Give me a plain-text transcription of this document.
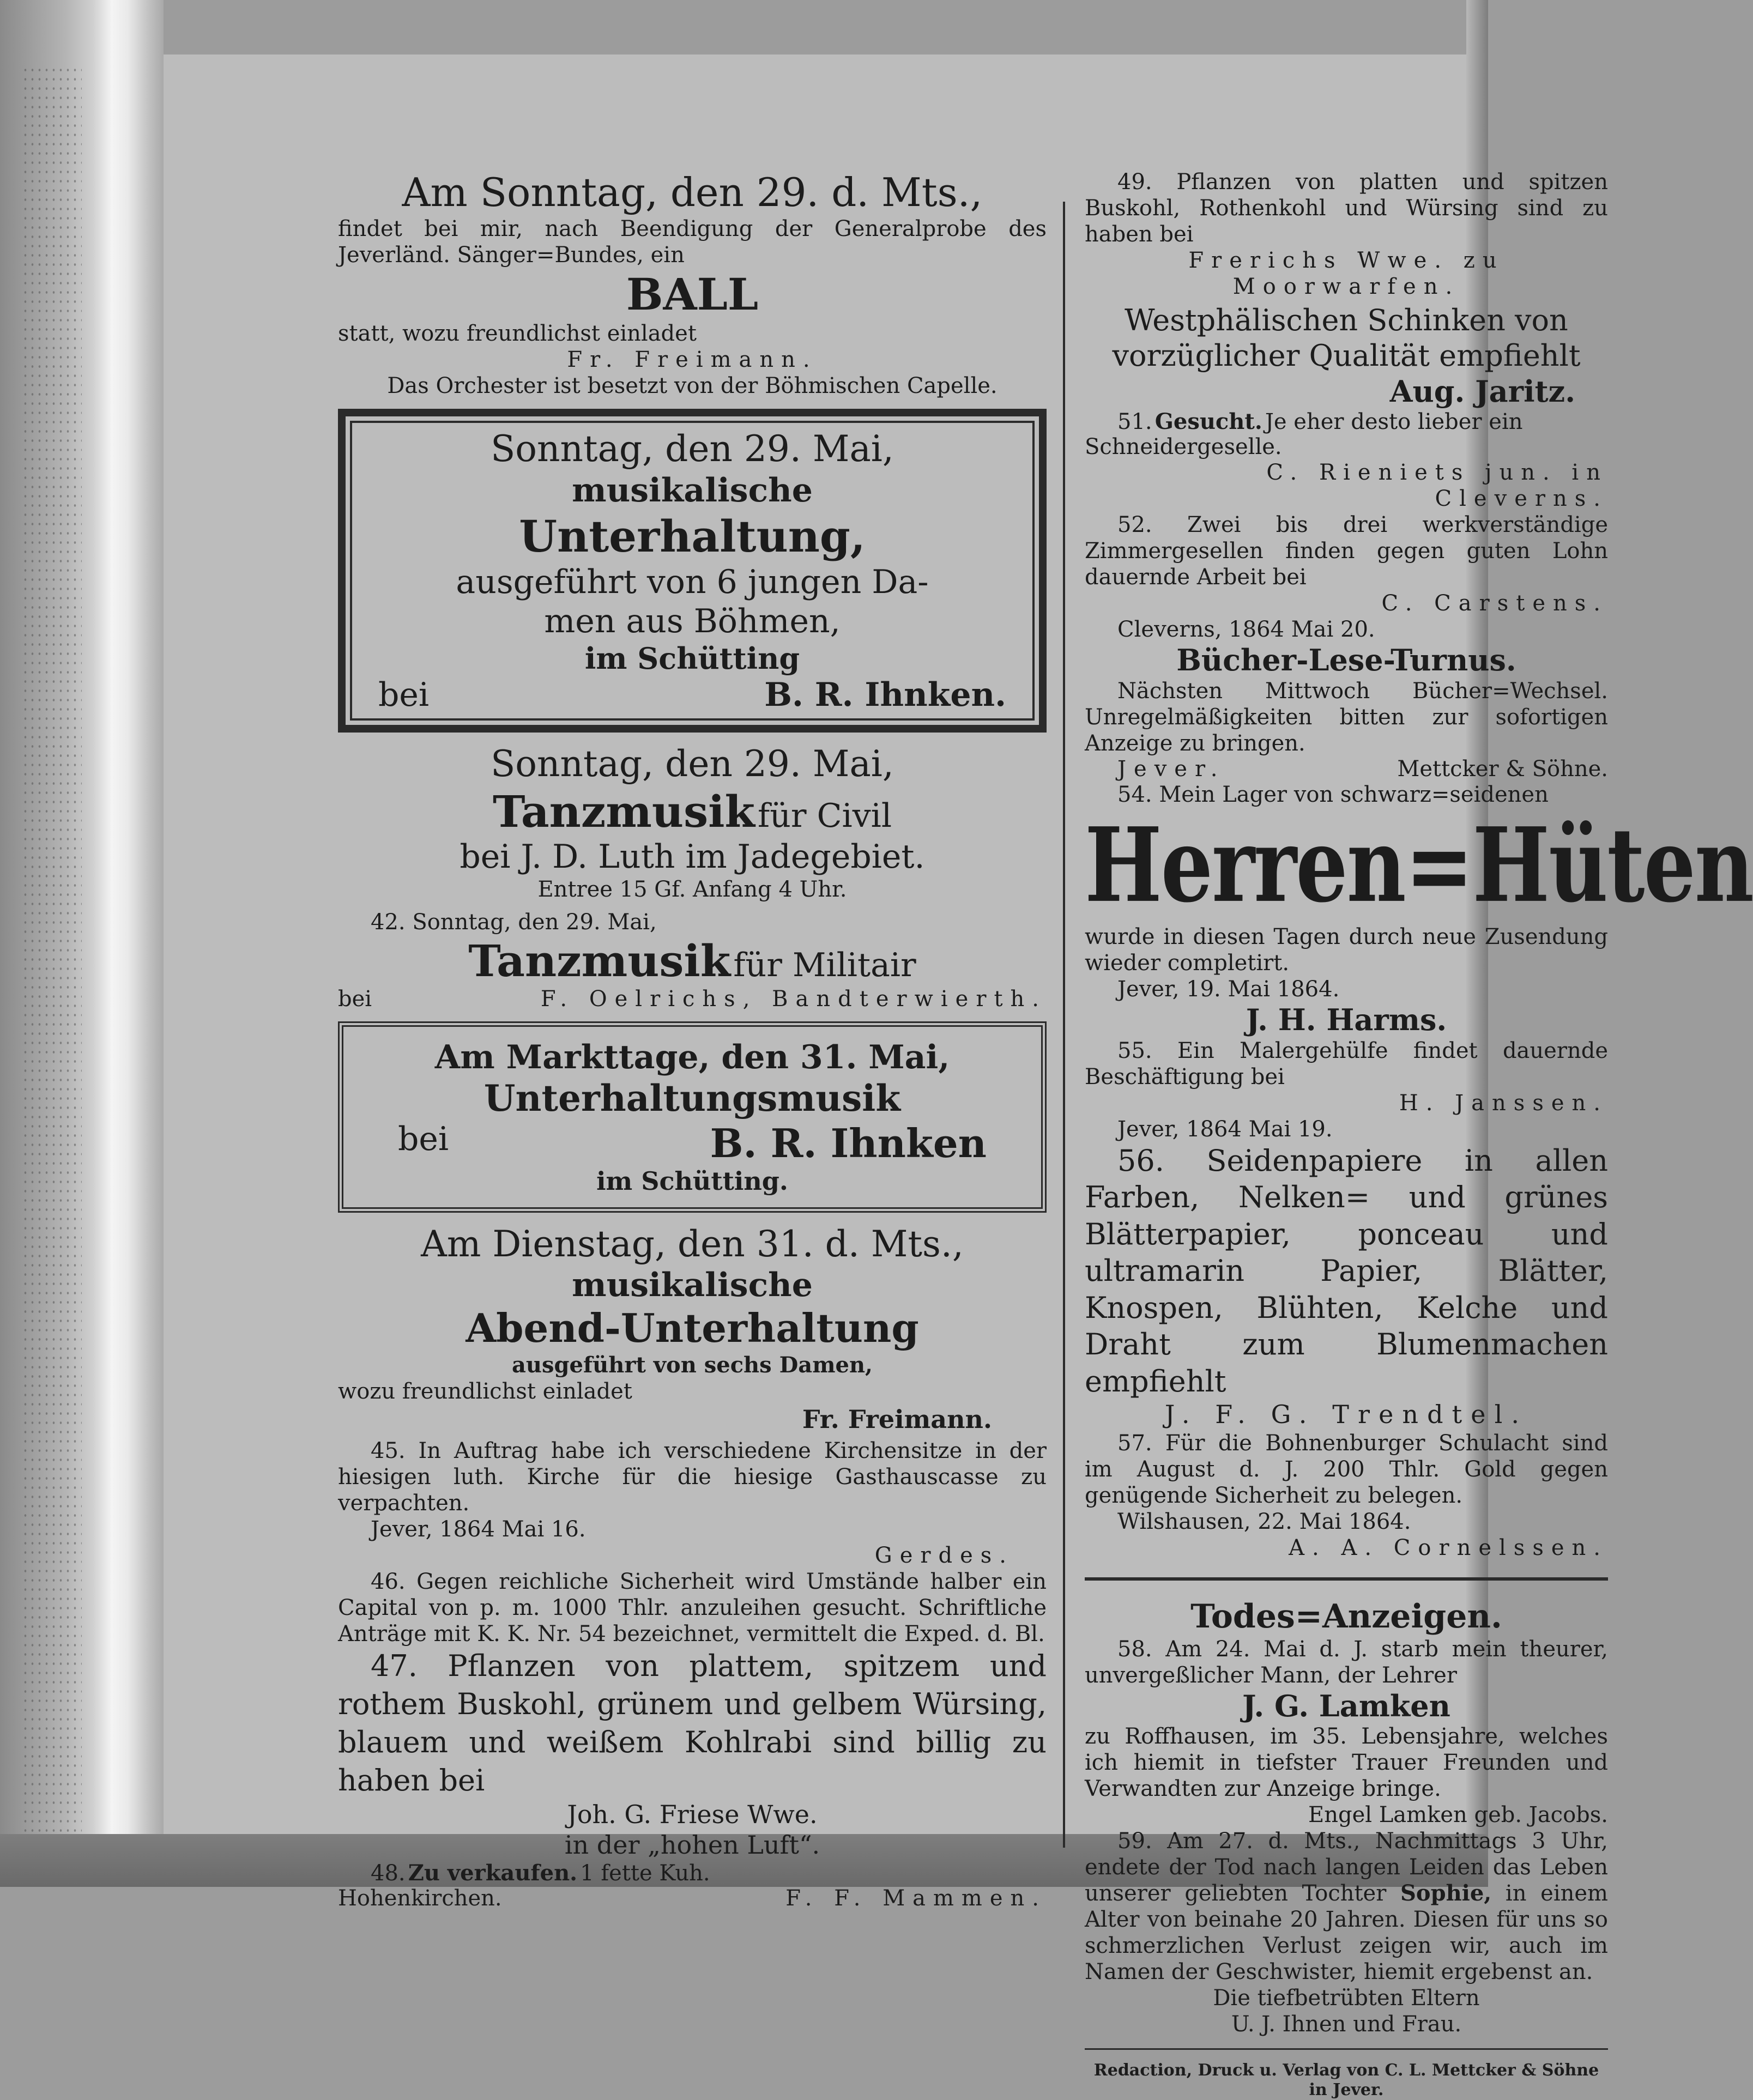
Am Sonntag, den 29. d. Mts.,
findet bei mir, nach Beendigung der Generalprobe des Jeverländ. Sänger=Bundes, ein
BALL
statt, wozu freundlichst einladet
Fr. Freimann.
Das Orchester ist besetzt von der Böhmischen Capelle.
Sonntag, den 29. Mai,
musikalische
Unterhaltung,
ausgeführt von 6 jungen Da-
men aus Böhmen,
im Schütting
bei	B. R. Ihnken.
Sonntag, den 29. Mai,
Tanzmusik für Civil
bei J. D. Luth im Jadegebiet.
Entree 15 Gf. Anfang 4 Uhr.
42. Sonntag, den 29. Mai,
Tanzmusik für Militair
bei	F. Oelrichs, Bandterwierth.
Am Markttage, den 31. Mai,
Unterhaltungsmusik
bei	B. R. Ihnken
im Schütting.
Am Dienstag, den 31. d. Mts.,
musikalische
Abend-Unterhaltung
ausgeführt von sechs Damen,
wozu freundlichst einladet
Fr. Freimann.
45. In Auftrag habe ich verschiedene Kirchensitze in der hiesigen luth. Kirche für die hiesige Gasthauscasse zu verpachten.
Jever, 1864 Mai 16.
Gerdes.
46. Gegen reichliche Sicherheit wird Umstände halber ein Capital von p. m. 1000 Thlr. anzuleihen gesucht. Schriftliche Anträge mit K. K. Nr. 54 bezeichnet, vermittelt die Exped. d. Bl.
47. Pflanzen von plattem, spitzem und rothem Buskohl, grünem und gelbem Würsing, blauem und weißem Kohlrabi sind billig zu haben bei
Joh. G. Friese Wwe.
in der „hohen Luft“.
48. Zu verkaufen. 1 fette Kuh.
Hohenkirchen.	F. F. Mammen.
49. Pflanzen von platten und spitzen Buskohl, Rothenkohl und Würsing sind zu haben bei
Frerichs Wwe. zu Moorwarfen.
Westphälischen Schinken von vorzüglicher Qualität empfiehlt
Aug. Jaritz.
51. Gesucht. Je eher desto lieber ein Schneidergeselle.
C. Rieniets jun. in Cleverns.
52. Zwei bis drei werkverständige Zimmergesellen finden gegen guten Lohn dauernde Arbeit bei
C. Carstens.
Cleverns, 1864 Mai 20.
Bücher-Lese-Turnus.
Nächsten Mittwoch Bücher=Wechsel. Unregelmäßigkeiten bitten zur sofortigen Anzeige zu bringen.
Jever.	Mettcker & Söhne.
54. Mein Lager von schwarz=seidenen
Herren=Hüten
wurde in diesen Tagen durch neue Zusendung wieder completirt.
Jever, 19. Mai 1864.
J. H. Harms.
55. Ein Malergehülfe findet dauernde Beschäftigung bei
H. Janssen.
Jever, 1864 Mai 19.
56. Seidenpapiere in allen Farben, Nelken= und grünes Blätterpapier, ponceau und ultramarin Papier, Blätter, Knospen, Blühten, Kelche und Draht zum Blumenmachen empfiehlt
J. F. G. Trendtel.
57. Für die Bohnenburger Schulacht sind im August d. J. 200 Thlr. Gold gegen genügende Sicherheit zu belegen.
Wilshausen, 22. Mai 1864.
A. A. Cornelssen.
Todes=Anzeigen.
58. Am 24. Mai d. J. starb mein theurer, unvergeßlicher Mann, der Lehrer
J. G. Lamken
zu Roffhausen, im 35. Lebensjahre, welches ich hiemit in tiefster Trauer Freunden und Verwandten zur Anzeige bringe.
Engel Lamken geb. Jacobs.
59. Am 27. d. Mts., Nachmittags 3 Uhr, endete der Tod nach langen Leiden das Leben unserer geliebten Tochter Sophie, in einem Alter von beinahe 20 Jahren. Diesen für uns so schmerzlichen Verlust zeigen wir, auch im Namen der Geschwister, hiemit ergebenst an.
Die tiefbetrübten Eltern
U. J. Ihnen und Frau.
Redaction, Druck u. Verlag von C. L. Mettcker & Söhne in Jever.
